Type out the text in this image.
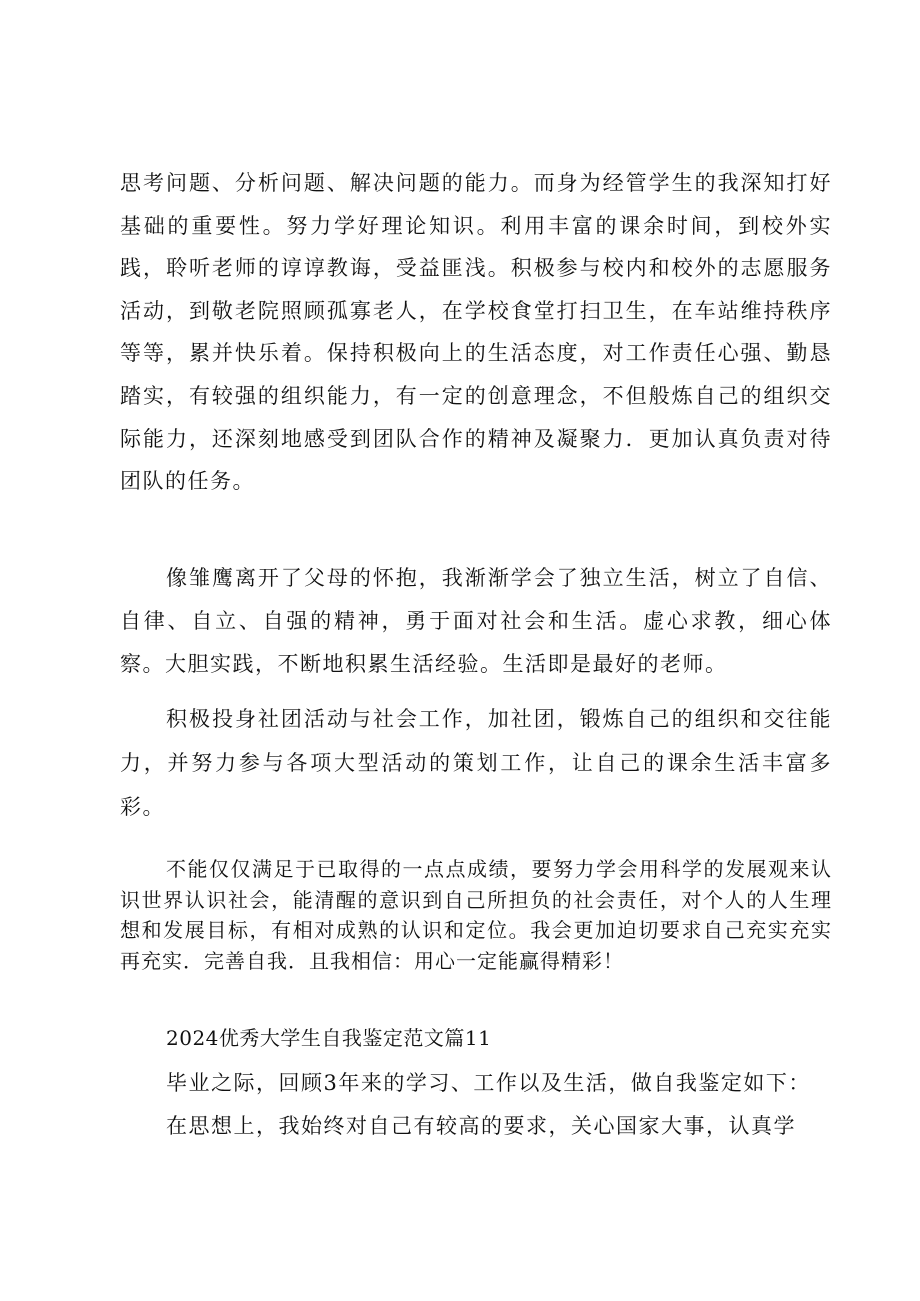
思考问题、分析问题、解决问题的能力。而身为经管学生的我深知打好基础的重要性。努力学好理论知识。利用丰富的课余时间，到校外实践，聆听老师的谆谆教诲，受益匪浅。积极参与校内和校外的志愿服务活动，到敬老院照顾孤寡老人，在学校食堂打扫卫生，在车站维持秩序等等，累并快乐着。保持积极向上的生活态度，对工作责任心强、勤恳踏实，有较强的组织能力，有一定的创意理念，不但般炼自己的组织交际能力，还深刻地感受到团队合作的精神及凝聚力．更加认真负责对待团队的任务。

像雏鹰离开了父母的怀抱，我渐渐学会了独立生活，树立了自信、自律、自立、自强的精神，勇于面对社会和生活。虚心求教，细心体察。大胆实践，不断地积累生活经验。生活即是最好的老师。

积极投身社团活动与社会工作，加社团，锻炼自己的组织和交往能力，并努力参与各项大型活动的策划工作，让自己的课余生活丰富多彩。

不能仅仅满足于已取得的一点点成绩，要努力学会用科学的发展观来认识世界认识社会，能清醒的意识到自己所担负的社会责任，对个人的人生理想和发展目标，有相对成熟的认识和定位。我会更加迫切要求自己充实充实再充实．完善自我．且我相信：用心一定能赢得精彩！

2024优秀大学生自我鉴定范文篇11

毕业之际，回顾3年来的学习、工作以及生活，做自我鉴定如下：

在思想上，我始终对自己有较高的要求，关心国家大事，认真学
